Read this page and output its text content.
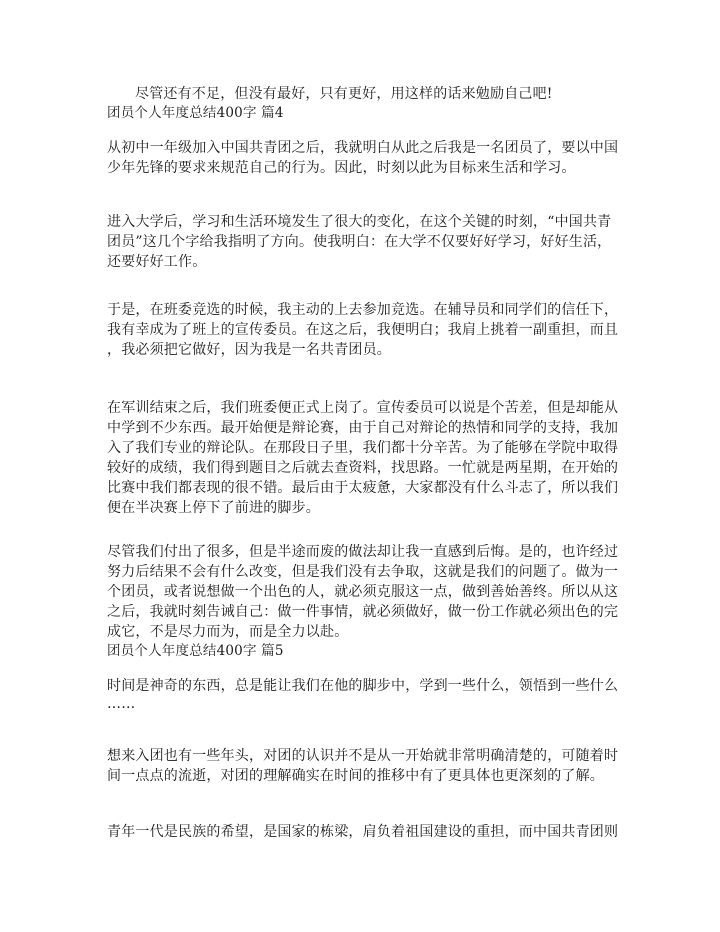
尽管还有不足，但没有最好，只有更好，用这样的话来勉励自己吧!
团员个人年度总结400字 篇4
从初中一年级加入中国共青团之后，我就明白从此之后我是一名团员了，要以中国
少年先锋的要求来规范自己的行为。因此，时刻以此为目标来生活和学习。
进入大学后，学习和生活环境发生了很大的变化，在这个关键的时刻，“中国共青
团员”这几个字给我指明了方向。使我明白：在大学不仅要好好学习，好好生活，
还要好好工作。
于是，在班委竞选的时候，我主动的上去参加竞选。在辅导员和同学们的信任下，
我有幸成为了班上的宣传委员。在这之后，我便明白；我肩上挑着一副重担，而且
，我必须把它做好，因为我是一名共青团员。
在军训结束之后，我们班委便正式上岗了。宣传委员可以说是个苦差，但是却能从
中学到不少东西。最开始便是辩论赛，由于自己对辩论的热情和同学的支持，我加
入了我们专业的辩论队。在那段日子里，我们都十分辛苦。为了能够在学院中取得
较好的成绩，我们得到题目之后就去查资料，找思路。一忙就是两星期，在开始的
比赛中我们都表现的很不错。最后由于太疲惫，大家都没有什么斗志了，所以我们
便在半决赛上停下了前进的脚步。
尽管我们付出了很多，但是半途而废的做法却让我一直感到后悔。是的，也许经过
努力后结果不会有什么改变，但是我们没有去争取，这就是我们的问题了。做为一
个团员，或者说想做一个出色的人，就必须克服这一点，做到善始善终。所以从这
之后，我就时刻告诫自己：做一件事情，就必须做好，做一份工作就必须出色的完
成它，不是尽力而为，而是全力以赴。
团员个人年度总结400字 篇5
时间是神奇的东西，总是能让我们在他的脚步中，学到一些什么，领悟到一些什么
……
想来入团也有一些年头，对团的认识并不是从一开始就非常明确清楚的，可随着时
间一点点的流逝，对团的理解确实在时间的推移中有了更具体也更深刻的了解。
青年一代是民族的希望，是国家的栋梁，肩负着祖国建设的重担，而中国共青团则
